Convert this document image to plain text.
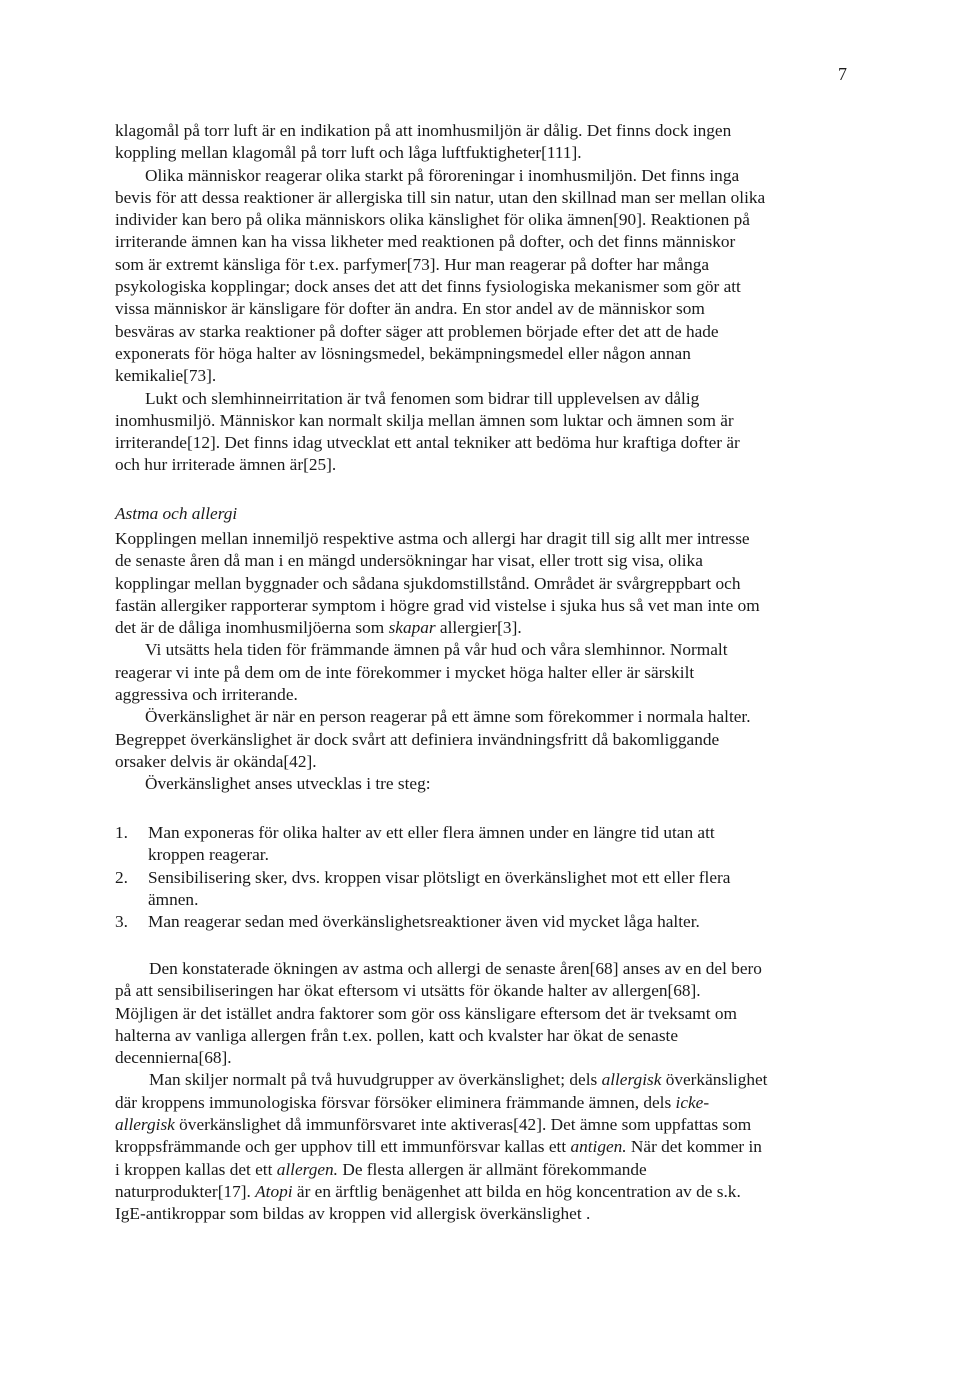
7

klagomål på torr luft är en indikation på att inomhusmiljön är dålig. Det finns dock ingen
koppling mellan klagomål på torr luft och låga luftfuktigheter[111].

Olika människor reagerar olika starkt på föroreningar i inomhusmiljön. Det finns inga

bevis för att dessa reaktioner är allergiska till sin natur, utan den skillnad man ser mellan olika
individer kan bero på olika människors olika känslighet för olika ämnen[90]. Reaktionen på
irriterande ämnen kan ha vissa likheter med reaktionen på dofter, och det finns människor
som är extremt känsliga för t.ex. parfymer[73]. Hur man reagerar på dofter har många
psykologiska kopplingar; dock anses det att det finns fysiologiska mekanismer som gör att
vissa människor är känsligare för dofter än andra. En stor andel av de människor som
besväras av starka reaktioner på dofter säger att problemen började efter det att de hade
exponerats för höga halter av lösningsmedel, bekämpningsmedel eller någon annan
kemikalie[73].

Lukt och slemhinneirritation är två fenomen som bidrar till upplevelsen av dålig

inomhusmiljö. Människor kan normalt skilja mellan ämnen som luktar och ämnen som är
irriterande[12]. Det finns idag utvecklat ett antal tekniker att bedöma hur kraftiga dofter är
och hur irriterade ämnen är[25].

Astma och allergi

Kopplingen mellan innemiljö respektive astma och allergi har dragit till sig allt mer intresse
de senaste åren då man i en mängd undersökningar har visat, eller trott sig visa, olika
kopplingar mellan byggnader och sådana sjukdomstillstånd. Området är svårgreppbart och
fastän allergiker rapporterar symptom i högre grad vid vistelse i sjuka hus så vet man inte om
det är de dåliga inomhusmiljöerna som skapar allergier[3].

Vi utsätts hela tiden för främmande ämnen på vår hud och våra slemhinnor. Normalt

reagerar vi inte på dem om de inte förekommer i mycket höga halter eller är särskilt
aggressiva och irriterande.

Överkänslighet är när en person reagerar på ett ämne som förekommer i normala halter.

Begreppet överkänslighet är dock svårt att definiera invändningsfritt då bakomliggande
orsaker delvis är okända[42].

Överkänslighet anses utvecklas i tre steg:

1. Man exponeras för olika halter av ett eller flera ämnen under en längre tid utan att
kroppen reagerar.
2. Sensibilisering sker, dvs. kroppen visar plötsligt en överkänslighet mot ett eller flera
ämnen.
3. Man reagerar sedan med överkänslighetsreaktioner även vid mycket låga halter.

Den konstaterade ökningen av astma och allergi de senaste åren[68] anses av en del bero

på att sensibiliseringen har ökat eftersom vi utsätts för ökande halter av allergen[68].
Möjligen är det istället andra faktorer som gör oss känsligare eftersom det är tveksamt om
halterna av vanliga allergen från t.ex. pollen, katt och kvalster har ökat de senaste
decennierna[68].

Man skiljer normalt på två huvudgrupper av överkänslighet; dels allergisk överkänslighet

där kroppens immunologiska försvar försöker eliminera främmande ämnen, dels icke-
allergisk överkänslighet då immunförsvaret inte aktiveras[42]. Det ämne som uppfattas som
kroppsfrämmande och ger upphov till ett immunförsvar kallas ett antigen. När det kommer in
i kroppen kallas det ett allergen. De flesta allergen är allmänt förekommande
naturprodukter[17]. Atopi är en ärftlig benägenhet att bilda en hög koncentration av de s.k.
IgE-antikroppar som bildas av kroppen vid allergisk överkänslighet .
